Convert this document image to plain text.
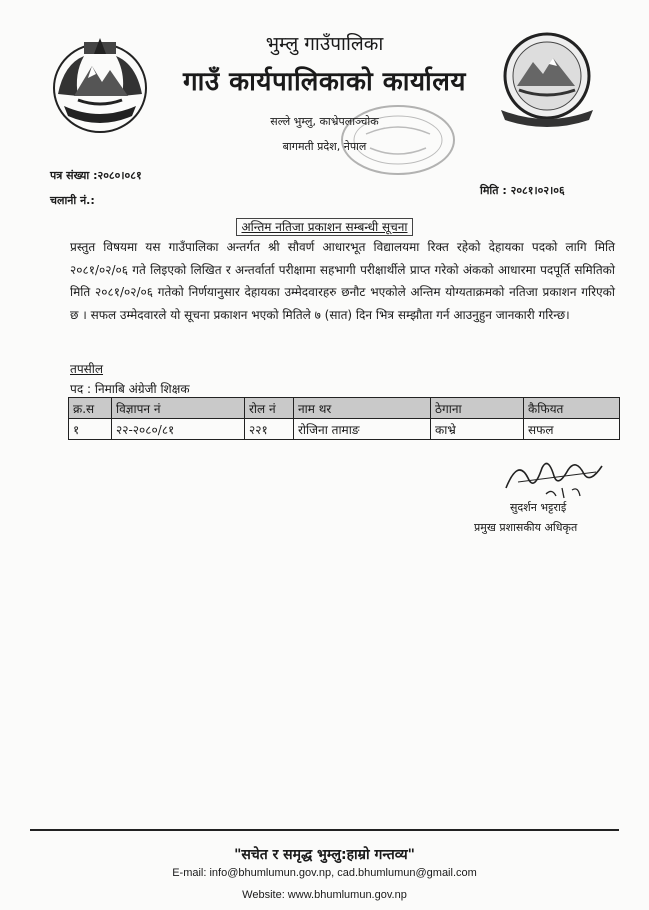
भुम्लु गाउँपालिका
गाउँ कार्यपालिकाको कार्यालय
सल्ले भुम्लु, काभ्रेपलाञ्चोक
बागमती प्रदेश, नेपाल
पत्र संख्या :२०८०।०८१
चलानी नं.:
मिति : २०८१।०२।०६
अन्तिम नतिजा प्रकाशन सम्बन्धी सूचना
प्रस्तुत विषयमा यस गाउँपालिका अन्तर्गत श्री सौवर्ण आधारभूत विद्यालयमा रिक्त रहेको देहायका पदको लागि मिति २०८१/०२/०६ गते लिइएको लिखित र अन्तर्वार्ता परीक्षामा सहभागी परीक्षार्थीले प्राप्त गरेको अंकको आधारमा पदपूर्ति समितिको मिति २०८१/०२/०६ गतेको निर्णयानुसार देहायका उम्मेदवारहरु छनौट भएकोले अन्तिम योग्यताक्रमको नतिजा प्रकाशन गरिएको छ । सफल उम्मेदवारले यो सूचना प्रकाशन भएको मितिले ७ (सात) दिन भित्र सम्झौता गर्न आउनुहुन जानकारी गरिन्छ।
तपसील
पद : निमाबि अंग्रेजी शिक्षक
क्र.स	विज्ञापन नं	रोल नं	नाम थर	ठेगाना	कैफियत
१	२२-२०८०/८१	२२१	रोजिना तामाङ	काभ्रे	सफल
सुदर्शन भट्टराई
प्रमुख प्रशासकीय अधिकृत
"सचेत र समृद्ध भुम्लु:हाम्रो गन्तव्य"
E-mail: info@bhumlumun.gov.np, cad.bhumlumun@gmail.com
Website: www.bhumlumun.gov.np
